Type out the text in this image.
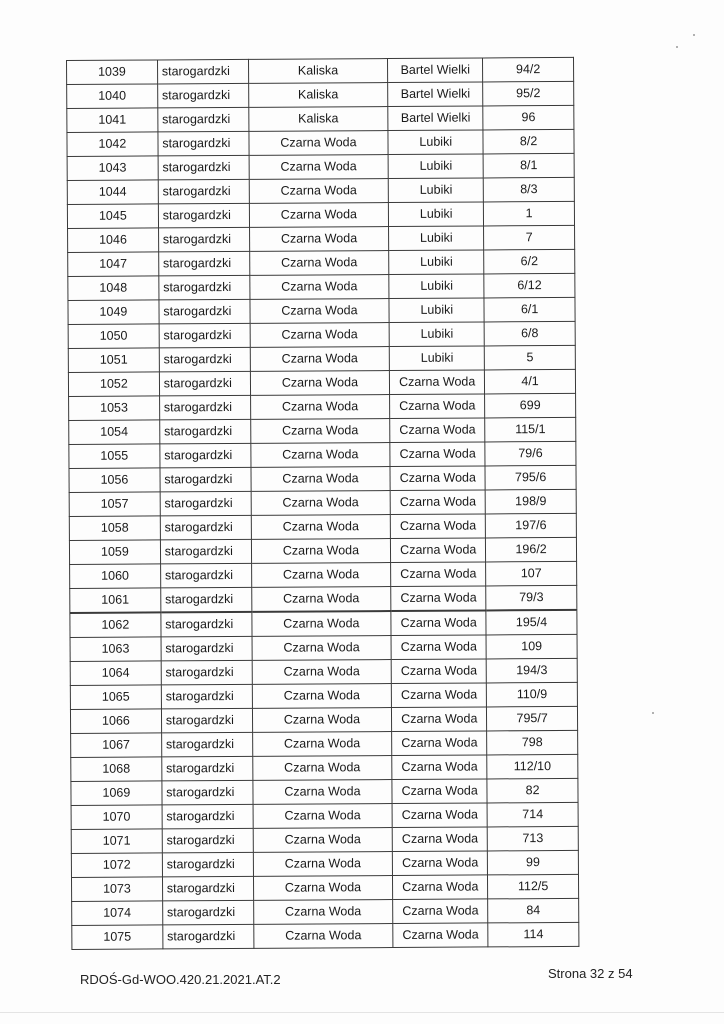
1039	starogardzki	Kaliska	Bartel Wielki	94/2
1040	starogardzki	Kaliska	Bartel Wielki	95/2
1041	starogardzki	Kaliska	Bartel Wielki	96
1042	starogardzki	Czarna Woda	Lubiki	8/2
1043	starogardzki	Czarna Woda	Lubiki	8/1
1044	starogardzki	Czarna Woda	Lubiki	8/3
1045	starogardzki	Czarna Woda	Lubiki	1
1046	starogardzki	Czarna Woda	Lubiki	7
1047	starogardzki	Czarna Woda	Lubiki	6/2
1048	starogardzki	Czarna Woda	Lubiki	6/12
1049	starogardzki	Czarna Woda	Lubiki	6/1
1050	starogardzki	Czarna Woda	Lubiki	6/8
1051	starogardzki	Czarna Woda	Lubiki	5
1052	starogardzki	Czarna Woda	Czarna Woda	4/1
1053	starogardzki	Czarna Woda	Czarna Woda	699
1054	starogardzki	Czarna Woda	Czarna Woda	115/1
1055	starogardzki	Czarna Woda	Czarna Woda	79/6
1056	starogardzki	Czarna Woda	Czarna Woda	795/6
1057	starogardzki	Czarna Woda	Czarna Woda	198/9
1058	starogardzki	Czarna Woda	Czarna Woda	197/6
1059	starogardzki	Czarna Woda	Czarna Woda	196/2
1060	starogardzki	Czarna Woda	Czarna Woda	107
1061	starogardzki	Czarna Woda	Czarna Woda	79/3
1062	starogardzki	Czarna Woda	Czarna Woda	195/4
1063	starogardzki	Czarna Woda	Czarna Woda	109
1064	starogardzki	Czarna Woda	Czarna Woda	194/3
1065	starogardzki	Czarna Woda	Czarna Woda	110/9
1066	starogardzki	Czarna Woda	Czarna Woda	795/7
1067	starogardzki	Czarna Woda	Czarna Woda	798
1068	starogardzki	Czarna Woda	Czarna Woda	112/10
1069	starogardzki	Czarna Woda	Czarna Woda	82
1070	starogardzki	Czarna Woda	Czarna Woda	714
1071	starogardzki	Czarna Woda	Czarna Woda	713
1072	starogardzki	Czarna Woda	Czarna Woda	99
1073	starogardzki	Czarna Woda	Czarna Woda	112/5
1074	starogardzki	Czarna Woda	Czarna Woda	84
1075	starogardzki	Czarna Woda	Czarna Woda	114
RDOŚ-Gd-WOO.420.21.2021.AT.2	Strona 32 z 54
